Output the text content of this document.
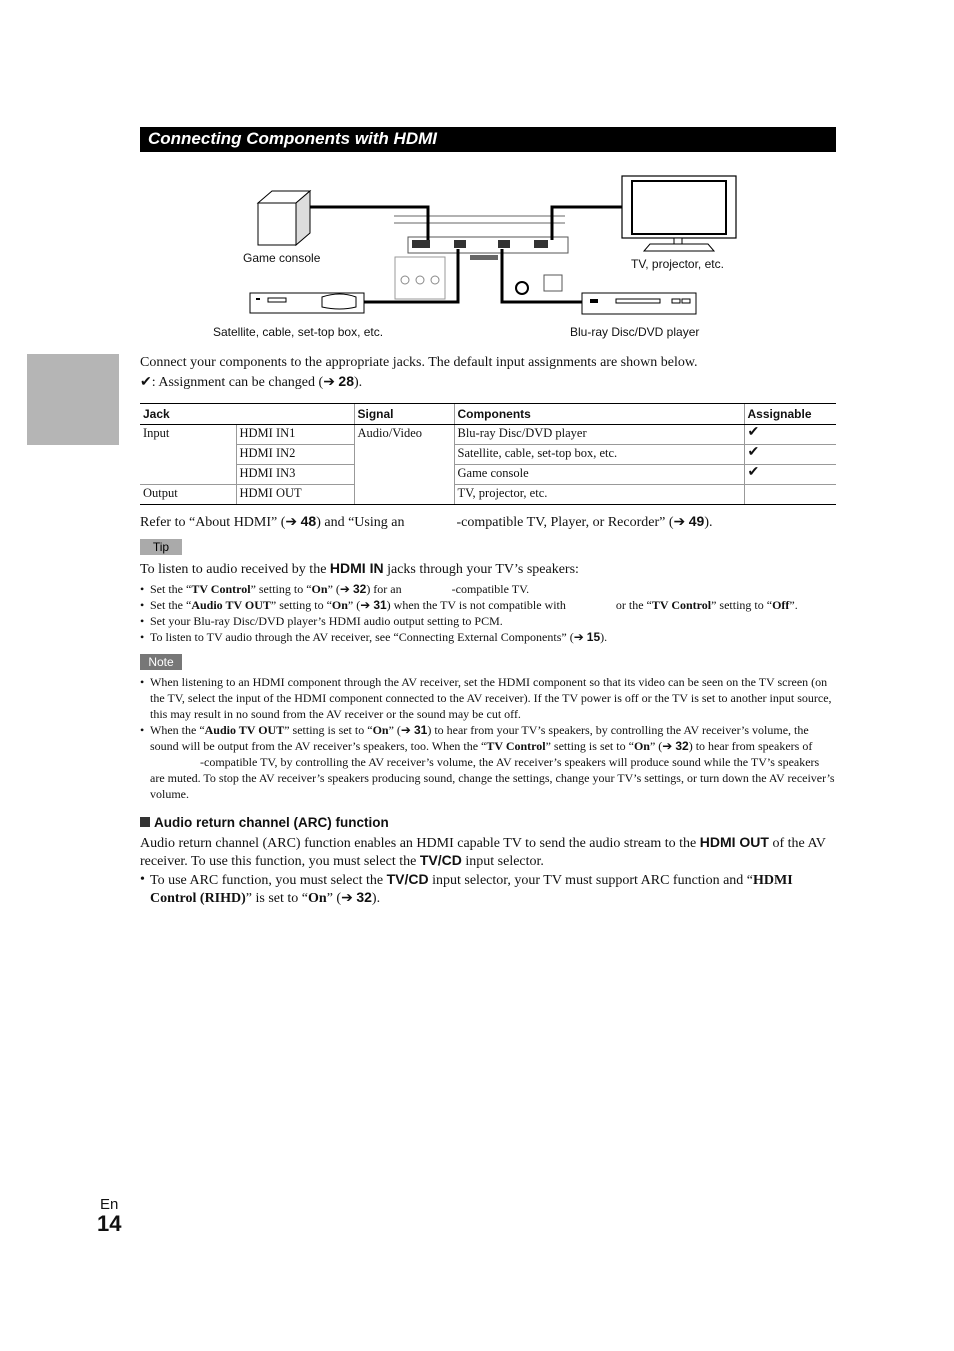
Connecting Components with HDMI
Game console	TV, projector, etc.
Satellite, cable, set-top box, etc.	Blu-ray Disc/DVD player
Connect your components to the appropriate jacks. The default input assignments are shown below.
✔: Assignment can be changed (➔ 28).
Jack		Signal	Components	Assignable
Input	HDMI IN1	Audio/Video	Blu-ray Disc/DVD player	✔
	HDMI IN2		Satellite, cable, set-top box, etc.	✔
	HDMI IN3		Game console	✔
Output	HDMI OUT		TV, projector, etc.	
Refer to “About HDMI” (➔ 48) and “Using an	-compatible TV, Player, or Recorder” (➔ 49).
Tip
To listen to audio received by the HDMI IN jacks through your TV’s speakers:
• Set the “TV Control” setting to “On” (➔ 32) for an	-compatible TV.
• Set the “Audio TV OUT” setting to “On” (➔ 31) when the TV is not compatible with	or the “TV Control” setting to “Off”.
• Set your Blu-ray Disc/DVD player’s HDMI audio output setting to PCM.
• To listen to TV audio through the AV receiver, see “Connecting External Components” (➔ 15).
Note
• When listening to an HDMI component through the AV receiver, set the HDMI component so that its video can be seen on the TV screen (on the TV, select the input of the HDMI component connected to the AV receiver). If the TV power is off or the TV is set to another input source, this may result in no sound from the AV receiver or the sound may be cut off.
• When the “Audio TV OUT” setting is set to “On” (➔ 31) to hear from your TV’s speakers, by controlling the AV receiver’s volume, the sound will be output from the AV receiver’s speakers, too. When the “TV Control” setting is set to “On” (➔ 32) to hear from speakers of-compatible TV, by controlling the AV receiver’s volume, the AV receiver’s speakers will produce sound while the TV’s speakers are muted. To stop the AV receiver’s speakers producing sound, change the settings, change your TV’s settings, or turn down the AV receiver’s volume.
Audio return channel (ARC) function
Audio return channel (ARC) function enables an HDMI capable TV to send the audio stream to the HDMI OUT of the AV receiver. To use this function, you must select the TV/CD input selector.
• To use ARC function, you must select the TV/CD input selector, your TV must support ARC function and “HDMI Control (RIHD)” is set to “On” (➔ 32).
En
14
